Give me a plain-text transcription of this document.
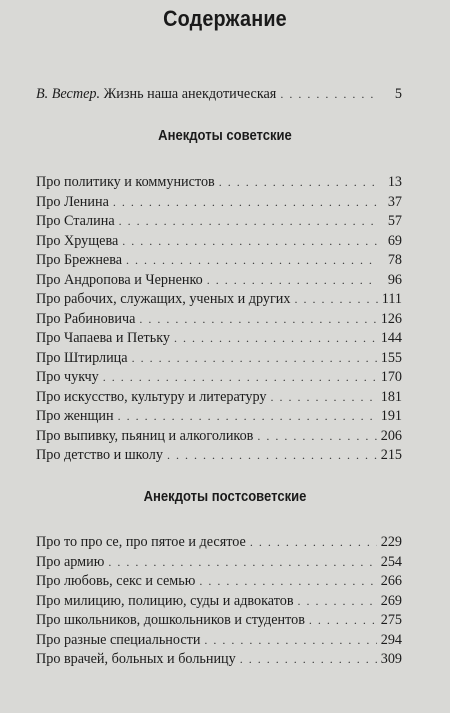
Содержание
В. Вестер. Жизнь наша анекдотическая . . .	5
Анекдоты советские
Про политику и коммунистов . . .	13
Про Ленина . . .	37
Про Сталина . . .	57
Про Хрущева . . .	69
Про Брежнева . . .	78
Про Андропова и Черненко . . .	96
Про рабочих, служащих, ученых и других . . .	111
Про Рабиновича . . .	126
Про Чапаева и Петьку . . .	144
Про Штирлица . . .	155
Про чукчу . . .	170
Про искусство, культуру и литературу . . .	181
Про женщин . . .	191
Про выпивку, пьяниц и алкоголиков . . .	206
Про детство и школу . . .	215
Анекдоты постсоветские
Про то про се, про пятое и десятое . . .	229
Про армию . . .	254
Про любовь, секс и семью . . .	266
Про милицию, полицию, суды и адвокатов . . .	269
Про школьников, дошкольников и студентов . . .	275
Про разные специальности . . .	294
Про врачей, больных и больницу . . .	309
